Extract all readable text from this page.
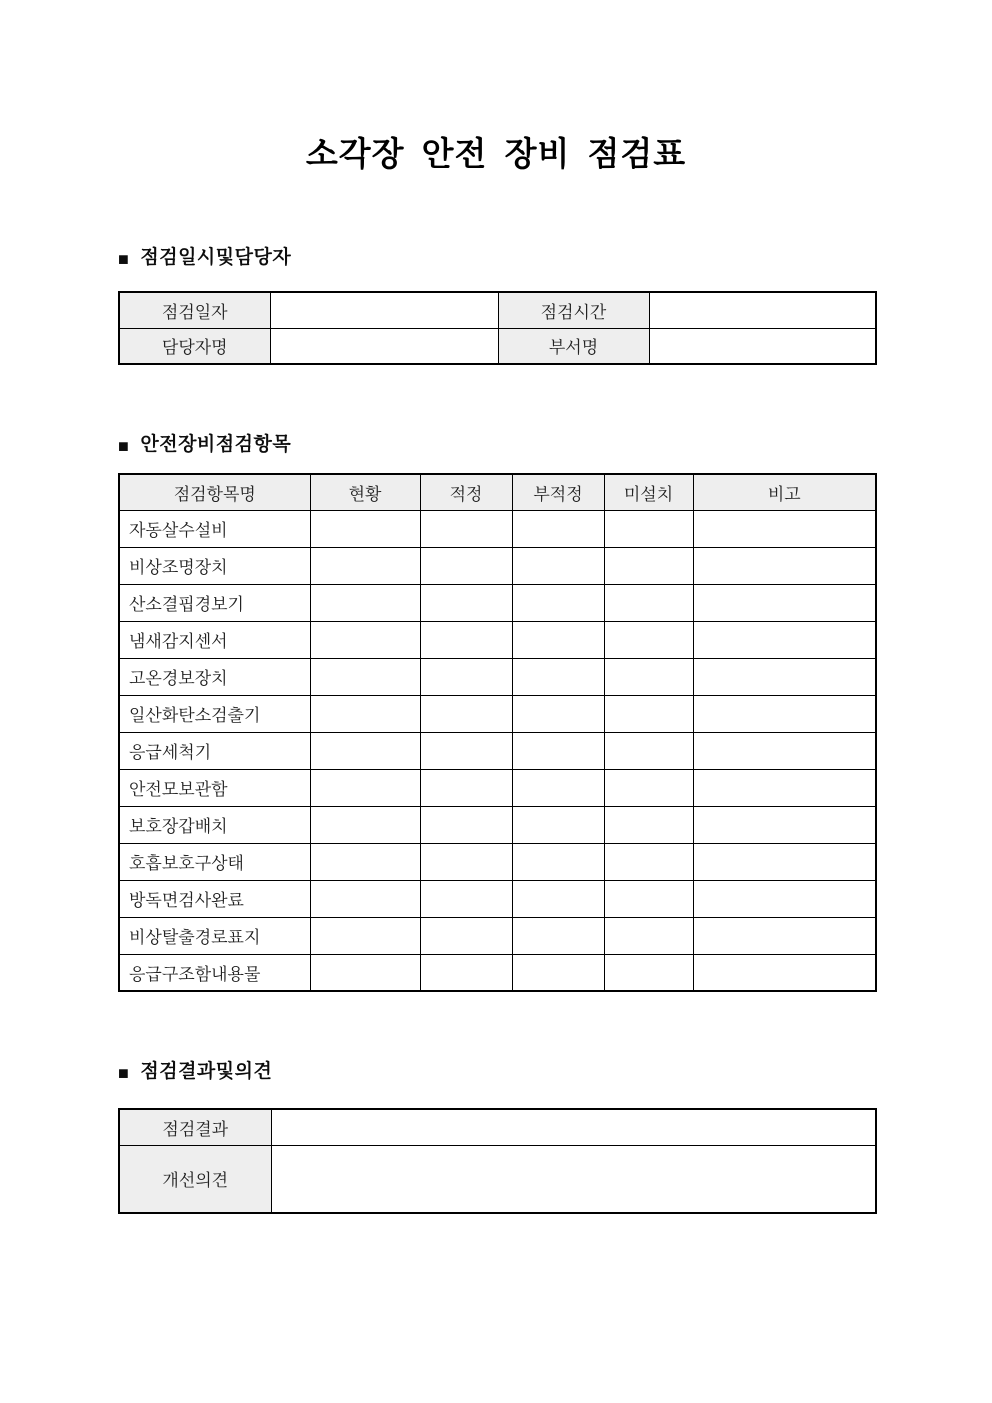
소각장 안전 장비 점검표
■ 점검일시및담당자
점검일자		점검시간	
담당자명		부서명	
■ 안전장비점검항목
점검항목명	현황	적정	부적정	미설치	비고
자동살수설비					
비상조명장치					
산소결핍경보기					
냄새감지센서					
고온경보장치					
일산화탄소검출기					
응급세척기					
안전모보관함					
보호장갑배치					
호흡보호구상태					
방독면검사완료					
비상탈출경로표지					
응급구조함내용물					
■ 점검결과및의견
점검결과	
개선의견	
